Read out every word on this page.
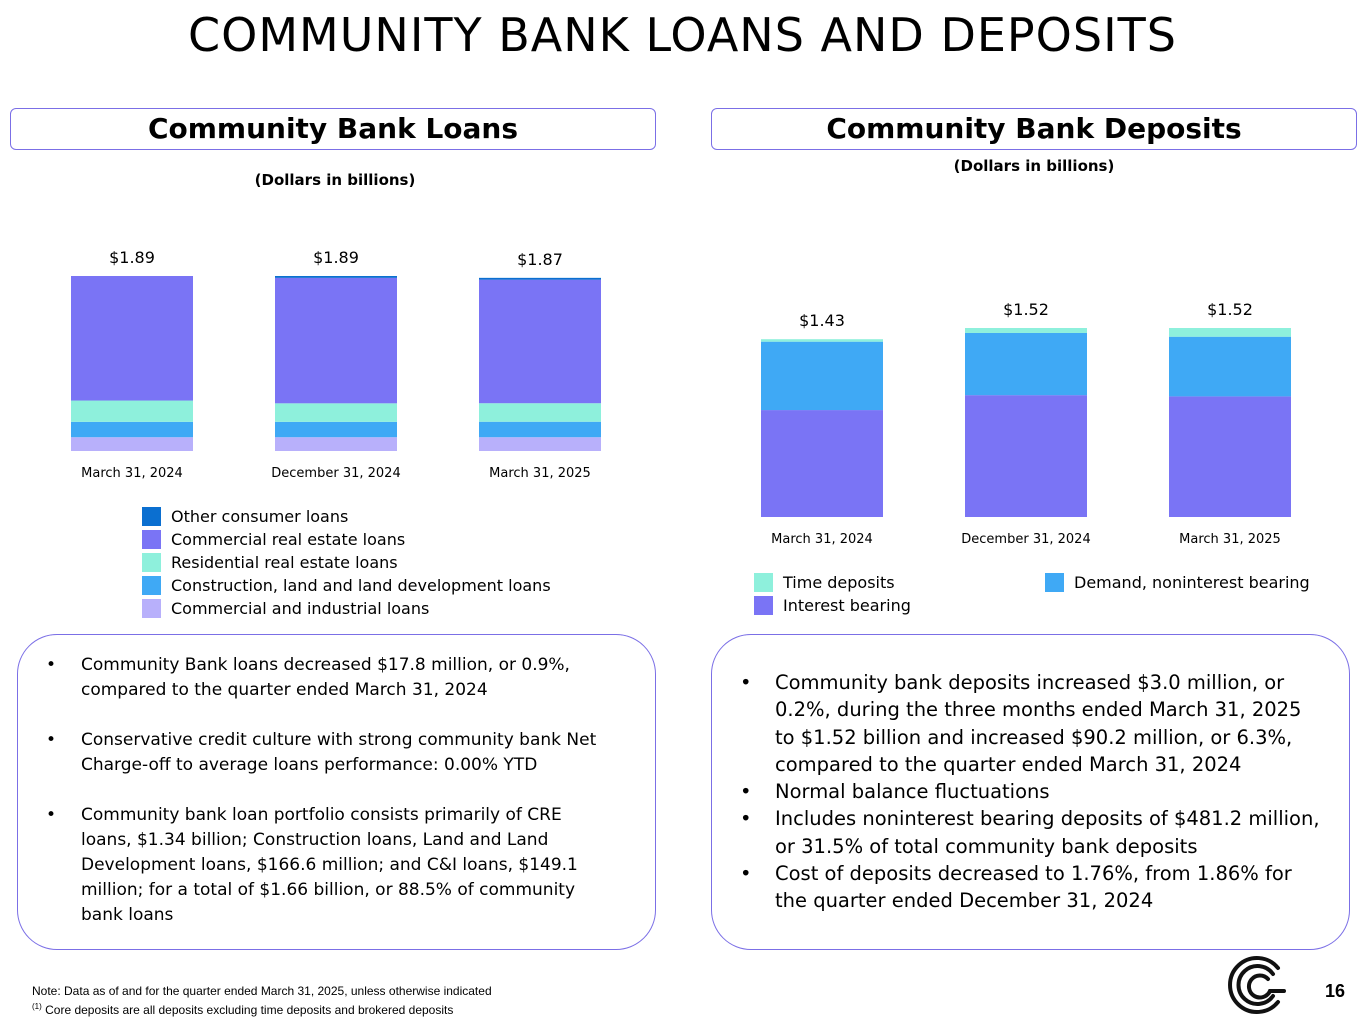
COMMUNITY BANK LOANS AND DEPOSITS
Community Bank Loans
(Dollars in billions)
$1.89
March 31, 2024
$1.89
December 31, 2024
$1.87
March 31, 2025
Other consumer loans
Commercial real estate loans
Residential real estate loans
Construction, land and land development loans
Commercial and industrial loans
• Community Bank loans decreased $17.8 million, or 0.9%, compared to the quarter ended March 31, 2024
• Conservative credit culture with strong community bank Net Charge-off to average loans performance: 0.00% YTD
• Community bank loan portfolio consists primarily of CRE loans, $1.34 billion; Construction loans, Land and Land Development loans, $166.6 million; and C&I loans, $149.1 million; for a total of $1.66 billion, or 88.5% of community bank loans
Community Bank Deposits
(Dollars in billions)
$1.43
March 31, 2024
$1.52
December 31, 2024
$1.52
March 31, 2025
Time deposits
Interest bearing
Demand, noninterest bearing
• Community bank deposits increased $3.0 million, or 0.2%, during the three months ended March 31, 2025 to $1.52 billion and increased $90.2 million, or 6.3%, compared to the quarter ended March 31, 2024
• Normal balance fluctuations
• Includes noninterest bearing deposits of $481.2 million, or 31.5% of total community bank deposits
• Cost of deposits decreased to 1.76%, from 1.86% for the quarter ended December 31, 2024
Note: Data as of and for the quarter ended March 31, 2025, unless otherwise indicated
$^{(1)}$ Core deposits are all deposits excluding time deposits and brokered deposits
16
